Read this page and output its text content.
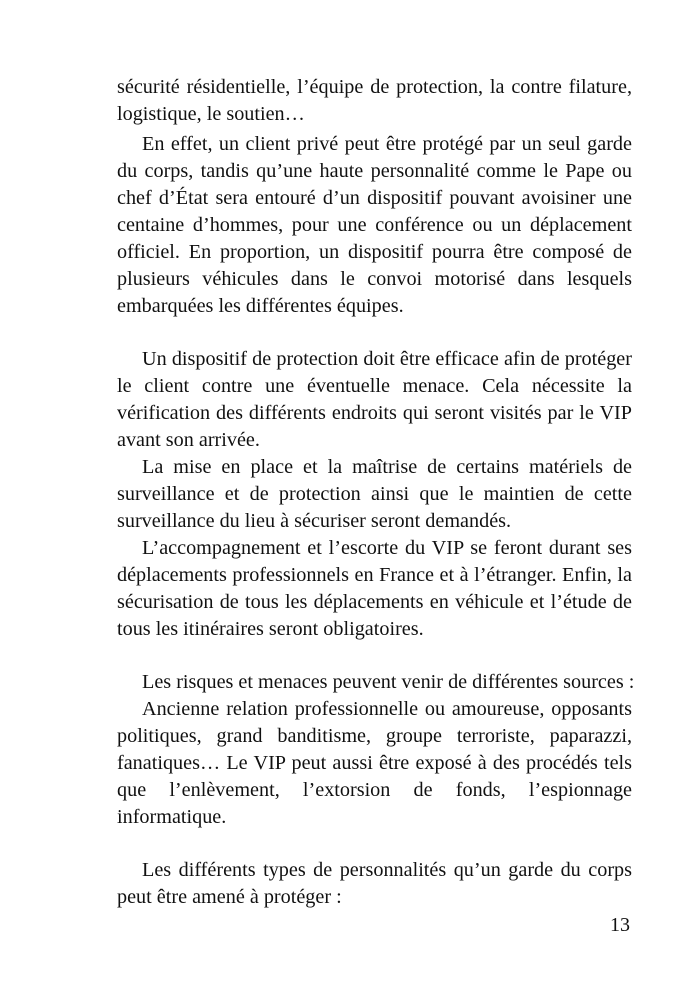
sécurité résidentielle, l’équipe de protection, la contre filature,
logistique, le soutien…
En effet, un client privé peut être protégé par un seul garde
du corps, tandis qu’une haute personnalité comme le Pape ou
chef d’État sera entouré d’un dispositif pouvant avoisiner une
centaine d’hommes, pour une conférence ou un déplacement
officiel. En proportion, un dispositif pourra être composé de
plusieurs véhicules dans le convoi motorisé dans lesquels
embarquées les différentes équipes.
Un dispositif de protection doit être efficace afin de protéger
le client contre une éventuelle menace. Cela nécessite la
vérification des différents endroits qui seront visités par le VIP
avant son arrivée.
La mise en place et la maîtrise de certains matériels de
surveillance et de protection ainsi que le maintien de cette
surveillance du lieu à sécuriser seront demandés.
L’accompagnement et l’escorte du VIP se feront durant ses
déplacements professionnels en France et à l’étranger. Enfin, la
sécurisation de tous les déplacements en véhicule et l’étude de
tous les itinéraires seront obligatoires.
Les risques et menaces peuvent venir de différentes sources :
Ancienne relation professionnelle ou amoureuse, opposants
politiques, grand banditisme, groupe terroriste, paparazzi,
fanatiques… Le VIP peut aussi être exposé à des procédés tels
que l’enlèvement, l’extorsion de fonds, l’espionnage
informatique.
Les différents types de personnalités qu’un garde du corps
peut être amené à protéger :
13
